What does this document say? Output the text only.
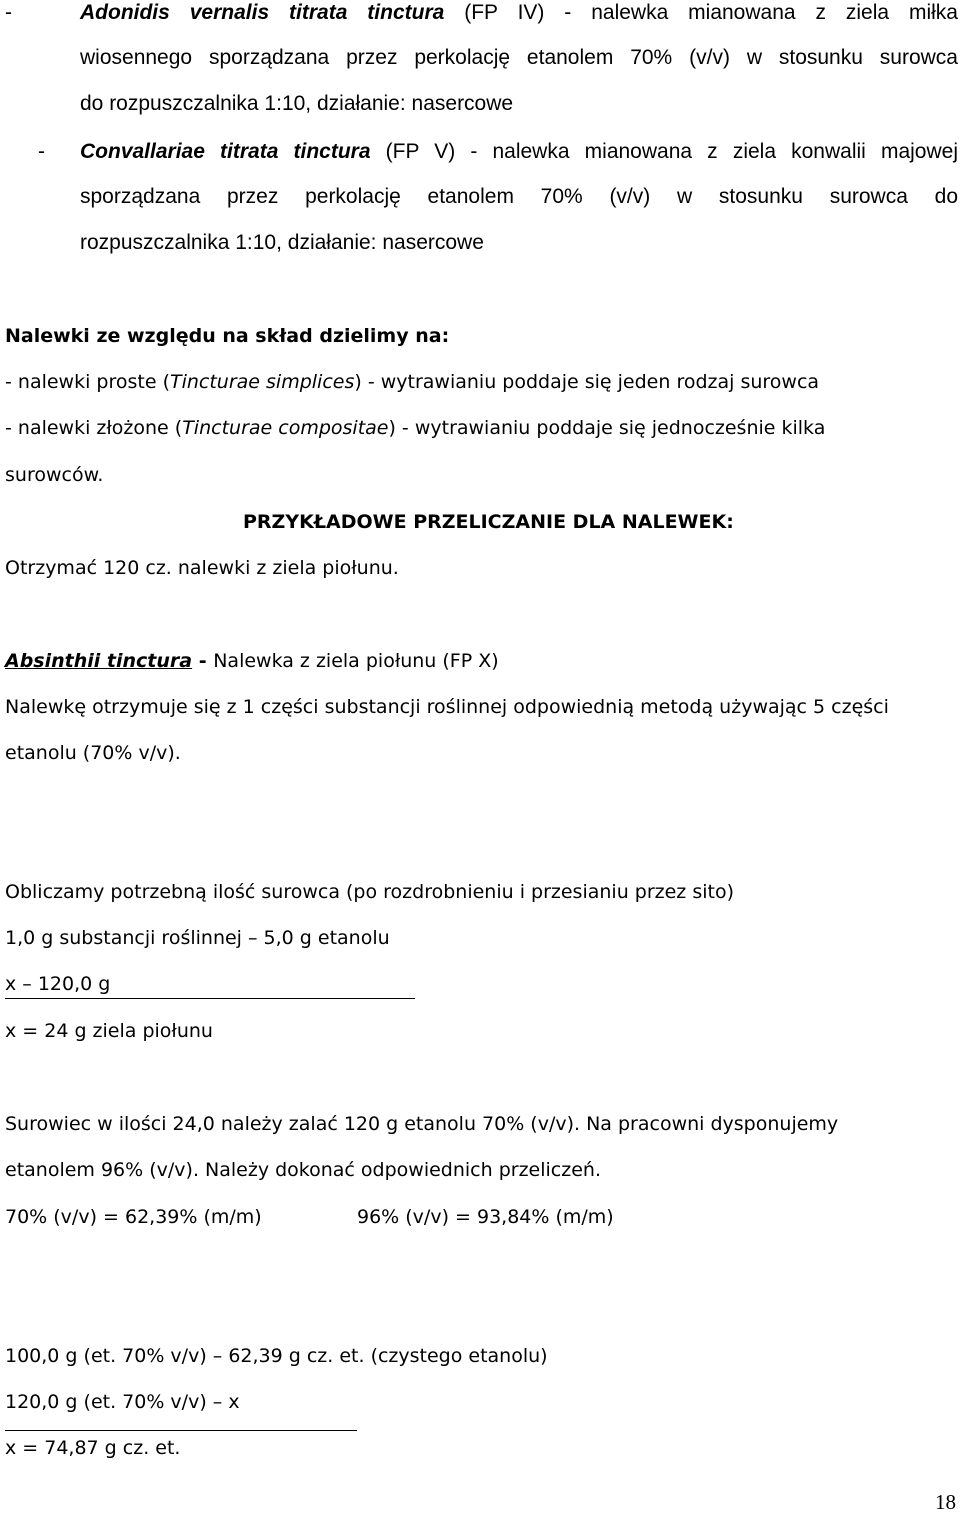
-	Adonidis vernalis titrata tinctura (FP IV) - nalewka mianowana z ziela miłka
wiosennego sporządzana przez perkolację etanolem 70% (v/v) w stosunku surowca
do rozpuszczalnika 1:10, działanie: nasercowe
- Convallariae titrata tinctura (FP V) - nalewka mianowana z ziela konwalii majowej
sporządzana przez perkolację etanolem 70% (v/v) w stosunku surowca do
rozpuszczalnika 1:10, działanie: nasercowe
Nalewki ze względu na skład dzielimy na:
- nalewki proste (Tincturae simplices) - wytrawianiu poddaje się jeden rodzaj surowca
- nalewki złożone (Tincturae compositae) - wytrawianiu poddaje się jednocześnie kilka
surowców.
PRZYKŁADOWE PRZELICZANIE DLA NALEWEK:
Otrzymać 120 cz. nalewki z ziela piołunu.
Absinthii tinctura - Nalewka z ziela piołunu (FP X)
Nalewkę otrzymuje się z 1 części substancji roślinnej odpowiednią metodą używając 5 części
etanolu (70% v/v).
Obliczamy potrzebną ilość surowca (po rozdrobnieniu i przesianiu przez sito)
1,0 g substancji roślinnej – 5,0 g etanolu
x – 120,0 g
x = 24 g ziela piołunu
Surowiec w ilości 24,0 należy zalać 120 g etanolu 70% (v/v). Na pracowni dysponujemy
etanolem 96% (v/v). Należy dokonać odpowiednich przeliczeń.
70% (v/v) = 62,39% (m/m)	96% (v/v) = 93,84% (m/m)
100,0 g (et. 70% v/v) – 62,39 g cz. et. (czystego etanolu)
120,0 g (et. 70% v/v) – x
x = 74,87 g cz. et.
18
